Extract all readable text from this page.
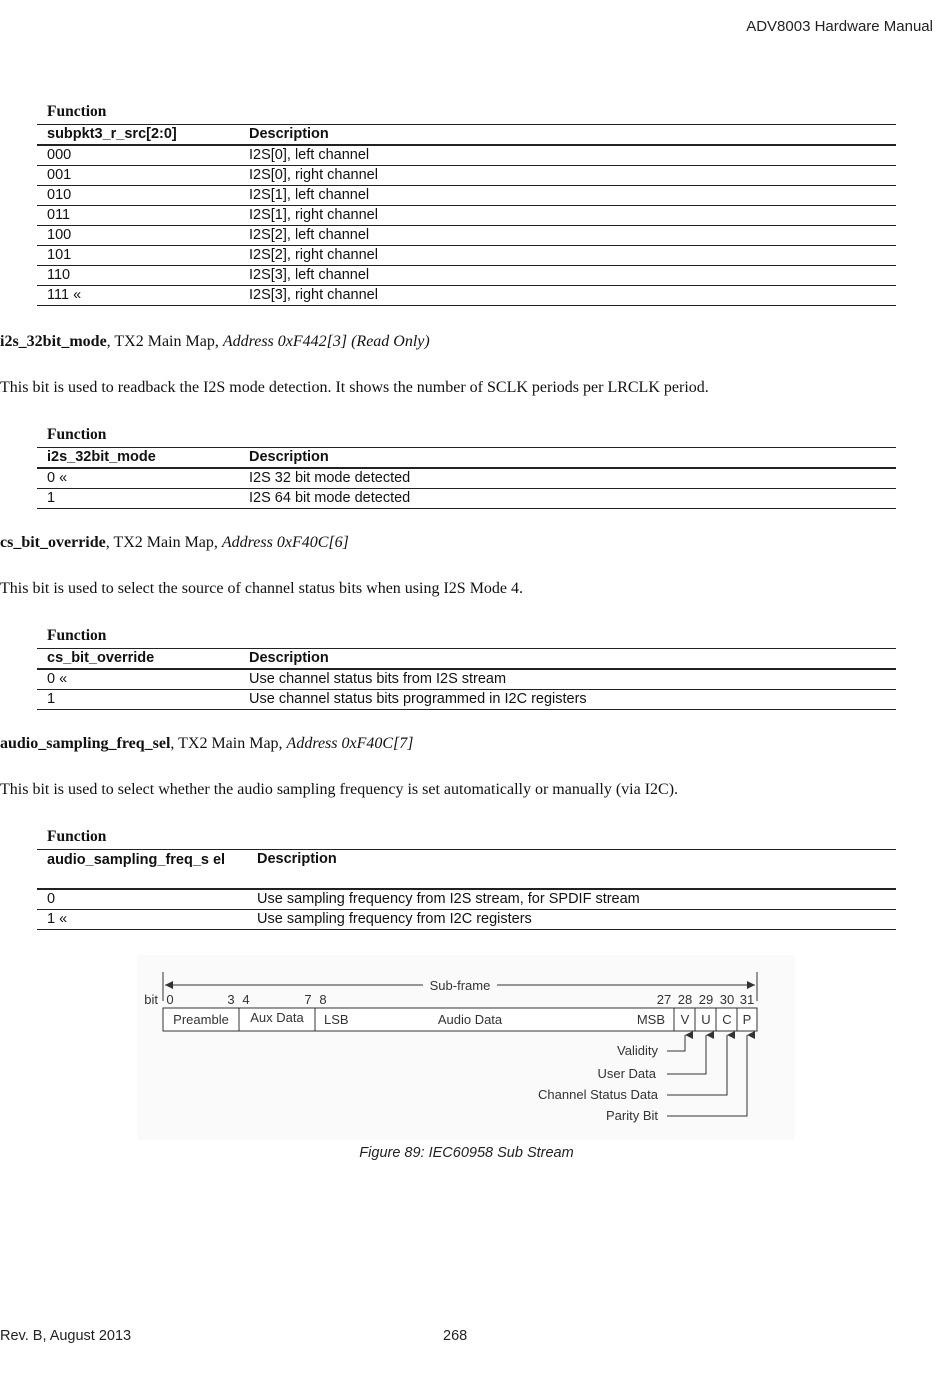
ADV8003 Hardware Manual
Function
subpkt3_r_src[2:0]	Description
000	I2S[0], left channel
001	I2S[0], right channel
010	I2S[1], left channel
011	I2S[1], right channel
100	I2S[2], left channel
101	I2S[2], right channel
110	I2S[3], left channel
111 «	I2S[3], right channel
i2s_32bit_mode, TX2 Main Map, Address 0xF442[3] (Read Only)
This bit is used to readback the I2S mode detection. It shows the number of SCLK periods per LRCLK period.
Function
i2s_32bit_mode	Description
0 «	I2S 32 bit mode detected
1	I2S 64 bit mode detected
cs_bit_override, TX2 Main Map, Address 0xF40C[6]
This bit is used to select the source of channel status bits when using I2S Mode 4.
Function
cs_bit_override	Description
0 «	Use channel status bits from I2S stream
1	Use channel status bits programmed in I2C registers
audio_sampling_freq_sel, TX2 Main Map, Address 0xF40C[7]
This bit is used to select whether the audio sampling frequency is set automatically or manually (via I2C).
Function
audio_sampling_freq_s el	Description
0	Use sampling frequency from I2S stream, for SPDIF stream
1 «	Use sampling frequency from I2C registers
Sub-frame
bit 0	3 4	7 8	27 28 29 30 31
Preamble Aux Data LSB	Audio Data	MSB V U C P
Validity
User Data
Channel Status Data
Parity Bit
Figure 89: IEC60958 Sub Stream
Rev. B, August 2013	268
